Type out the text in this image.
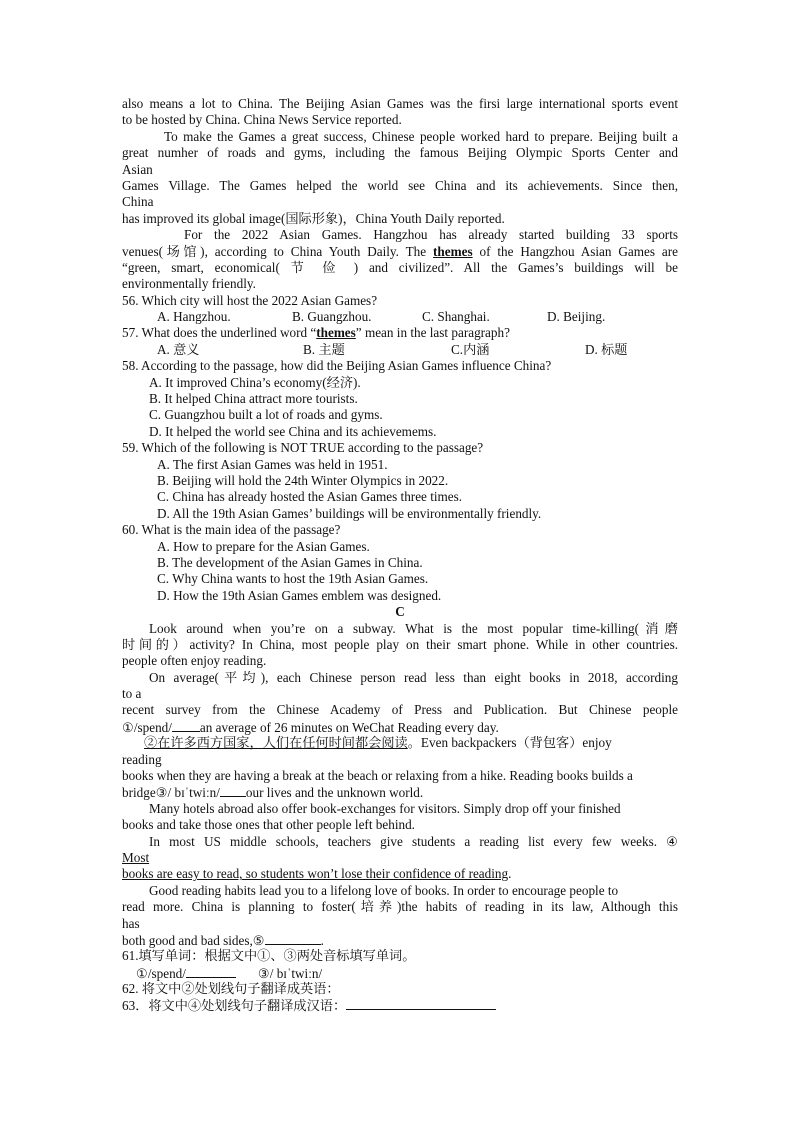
also means a lot to China. The Beijing Asian Games was the firsi large international sports event
to be hosted by China. China News Service reported.
To make the Games a great success, Chinese people worked hard to prepare. Beijing built a
great numher of roads and gyms, including the famous Beijing Olympic Sports Center and
Asian
Games Village. The Games helped the world see China and its achievements. Since then,
China
has improved its global image(国际形象)，China Youth Daily reported.
For the 2022 Asian Games. Hangzhou has already started building 33 sports
venues(场馆), according to China Youth Daily. The themes of the Hangzhou Asian Games are
“green, smart, economical( 节 俭 ) and civilized”. All the Games’s buildings will be
environmentally friendly.
56. Which city will host the 2022 Asian Games?
A. Hangzhou.	B. Guangzhou.	C. Shanghai.	D. Beijing.
57. What does the underlined word “themes” mean in the last paragraph?
A. 意义	B. 主题	C.内涵	D. 标题
58. According to the passage, how did the Beijing Asian Games influence China?
A. It improved China’s economy(经济).
B. It helped China attract more tourists.
C. Guangzhou built a lot of roads and gyms.
D. It helped the world see China and its achievemems.
59. Which of the following is NOT TRUE according to the passage?
A. The first Asian Games was held in 1951.
B. Beijing will hold the 24th Winter Olympics in 2022.
C. China has already hosted the Asian Games three times.
D. All the 19th Asian Games’ buildings will be environmentally friendly.
60. What is the main idea of the passage?
A. How to prepare for the Asian Games.
B. The development of the Asian Games in China.
C. Why China wants to host the 19th Asian Games.
D. How the 19th Asian Games emblem was designed.
C
Look around when you’re on a subway. What is the most popular time-killing(消磨
时间的）activity? In China, most people play on their smart phone. While in other countries.
people often enjoy reading.
On average(平均), each Chinese person read less than eight books in 2018, according
to a
recent survey from the Chinese Academy of Press and Publication. But Chinese people
①/spend/ an average of 26 minutes on WeChat Reading every day.
②在许多西方国家，人们在任何时间都会阅读。Even backpackers（背包客）enjoy
reading
books when they are having a break at the beach or relaxing from a hike. Reading books builds a
bridge③/ bɪˈtwiːn/ our lives and the unknown world.
Many hotels abroad also offer book-exchanges for visitors. Simply drop off your finished
books and take those ones that other people left behind.
In most US middle schools, teachers give students a reading list every few weeks. ④
Most
books are easy to read, so students won’t lose their confidence of reading.
Good reading habits lead you to a lifelong love of books. In order to encourage people to
read more. China is planning to foster(培养)the habits of reading in its law, Although this
has
both good and bad sides,⑤	.
61.填写单词：根据文中①、③两处音标填写单词。
①/spend/	③/ bɪˈtwiːn/
62. 将文中②处划线句子翻译成英语：
63．将文中④处划线句子翻译成汉语：
